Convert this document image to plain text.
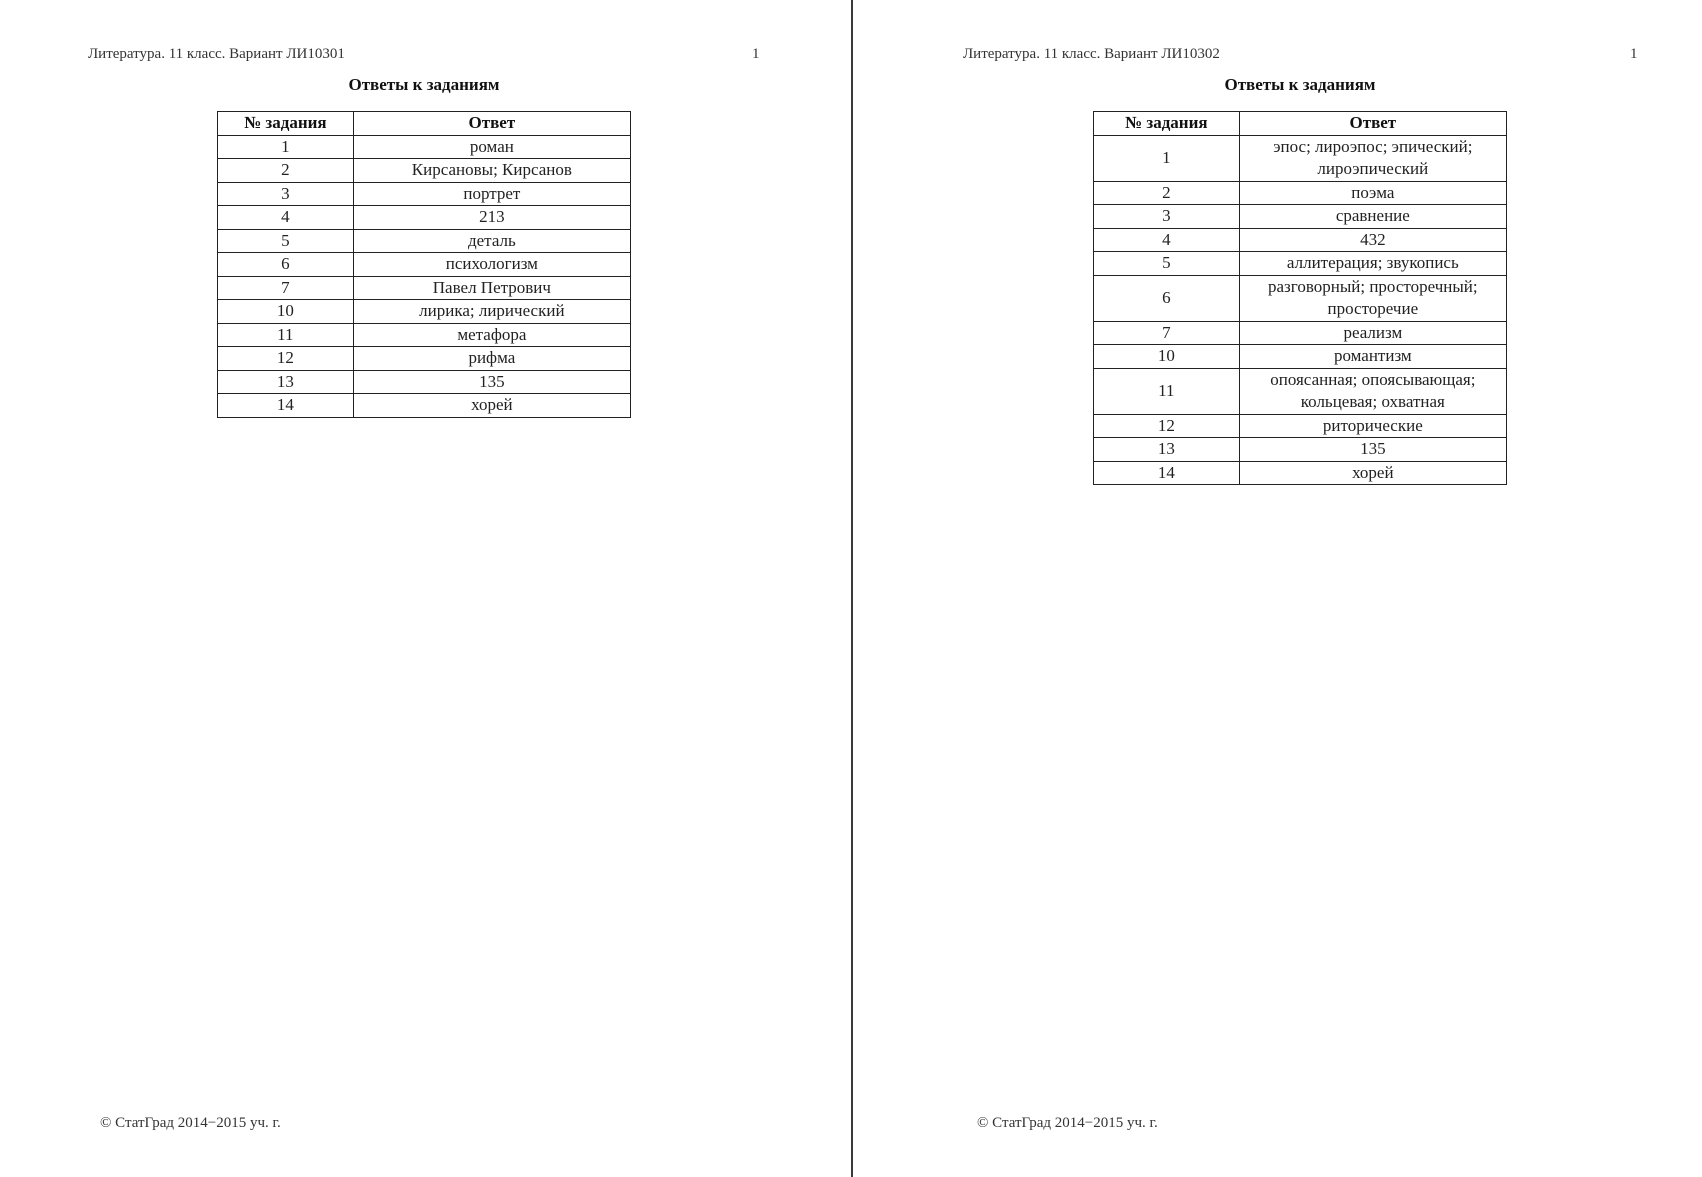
Литература. 11 класс. Вариант ЛИ10301	1
Ответы к заданиям
№ задания	Ответ
1	роман
2	Кирсановы; Кирсанов
3	портрет
4	213
5	деталь
6	психологизм
7	Павел Петрович
10	лирика; лирический
11	метафора
12	рифма
13	135
14	хорей
© СтатГрад 2014−2015 уч. г.
Литература. 11 класс. Вариант ЛИ10302	1
Ответы к заданиям
№ задания	Ответ
1	эпос; лироэпос; эпический; лироэпический
2	поэма
3	сравнение
4	432
5	аллитерация; звукопись
6	разговорный; просторечный; просторечие
7	реализм
10	романтизм
11	опоясанная; опоясывающая; кольцевая; охватная
12	риторические
13	135
14	хорей
© СтатГрад 2014−2015 уч. г.
